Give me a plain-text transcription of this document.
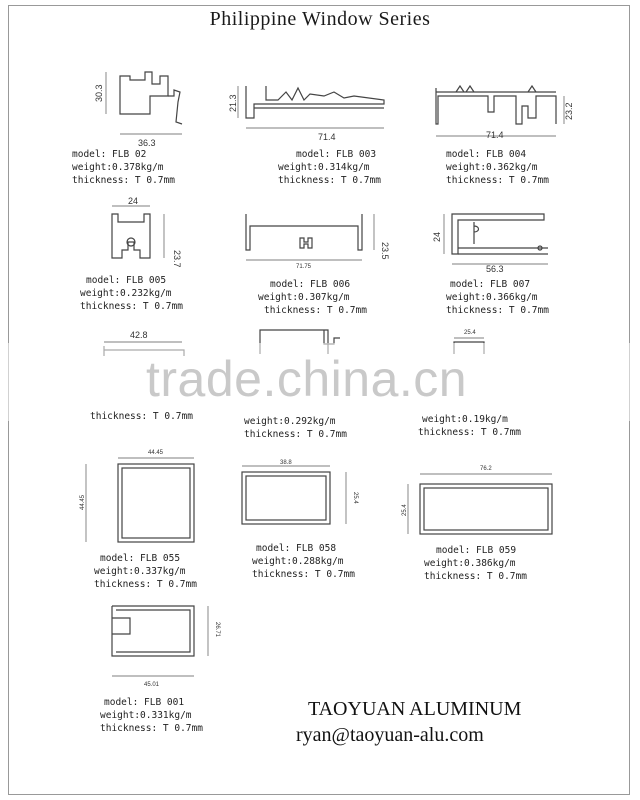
Philippine Window Series
30.3
36.3
model: FLB 02
weight:0.378kg/m
thickness: T 0.7mm
21.3
71.4
model: FLB 003
weight:0.314kg/m
thickness: T 0.7mm
23.2
71.4
model: FLB 004
weight:0.362kg/m
thickness: T 0.7mm
24
23.7
model: FLB 005
weight:0.232kg/m
thickness: T 0.7mm
23.5
71.75
model: FLB 006
weight:0.307kg/m
thickness: T 0.7mm
24
56.3
model: FLB 007
weight:0.366kg/m
thickness: T 0.7mm
42.8	25.4
trade.china.cn
thickness: T 0.7mm	weight:0.292kg/m
thickness: T 0.7mm
weight:0.19kg/m
thickness: T 0.7mm
44.45
44.45
model: FLB 055
weight:0.337kg/m
thickness: T 0.7mm
38.8
25.4
model: FLB 058
weight:0.288kg/m
thickness: T 0.7mm
76.2
25.4
model: FLB 059
weight:0.386kg/m
thickness: T 0.7mm
26.71
45.01
model: FLB 001
weight:0.331kg/m
thickness: T 0.7mm
TAOYUAN ALUMINUM
ryan@taoyuan-alu.com
